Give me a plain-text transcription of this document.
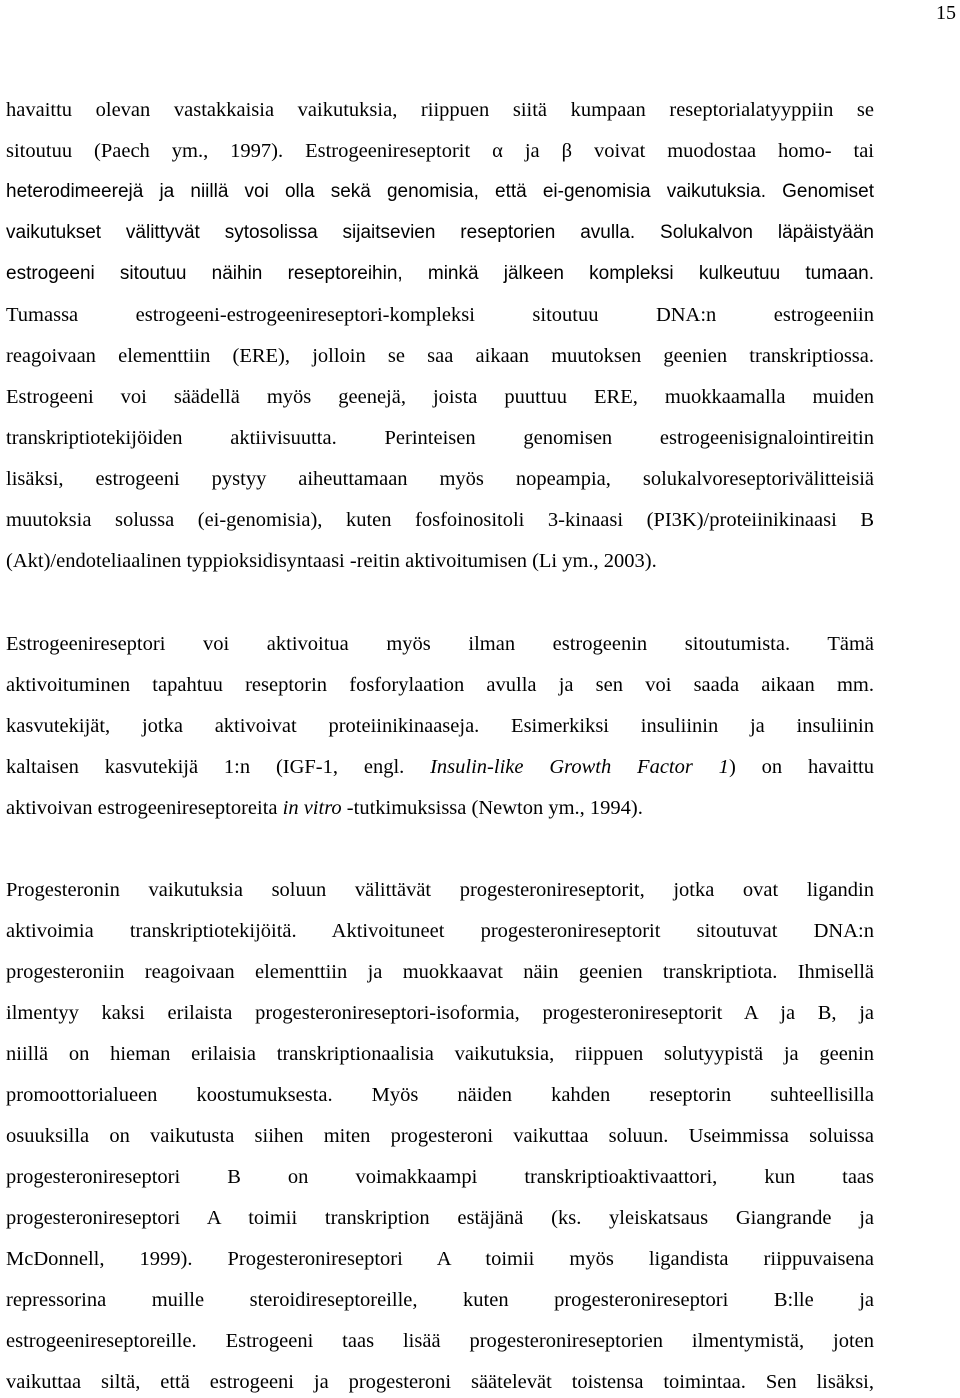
15
havaittu olevan vastakkaisia vaikutuksia, riippuen siitä kumpaan reseptorialatyyppiin se
sitoutuu (Paech ym., 1997). Estrogeenireseptorit α ja β voivat muodostaa homo- tai
heterodimeerejä ja niillä voi olla sekä genomisia, että ei-genomisia vaikutuksia. Genomiset
vaikutukset välittyvät sytosolissa sijaitsevien reseptorien avulla. Solukalvon läpäistyään
estrogeeni sitoutuu näihin reseptoreihin, minkä jälkeen kompleksi kulkeutuu tumaan.
Tumassa estrogeeni-estrogeenireseptori-kompleksi sitoutuu DNA:n estrogeeniin
reagoivaan elementtiin (ERE), jolloin se saa aikaan muutoksen geenien transkriptiossa.
Estrogeeni voi säädellä myös geenejä, joista puuttuu ERE, muokkaamalla muiden
transkriptiotekijöiden aktiivisuutta. Perinteisen genomisen estrogeenisignalointireitin
lisäksi, estrogeeni pystyy aiheuttamaan myös nopeampia, solukalvoreseptorivälitteisiä
muutoksia solussa (ei-genomisia), kuten fosfoinositoli 3-kinaasi (PI3K)/proteiinikinaasi B
(Akt)/endoteliaalinen typpioksidisyntaasi -reitin aktivoitumisen (Li ym., 2003).
Estrogeenireseptori voi aktivoitua myös ilman estrogeenin sitoutumista. Tämä
aktivoituminen tapahtuu reseptorin fosforylaation avulla ja sen voi saada aikaan mm.
kasvutekijät, jotka aktivoivat proteiinikinaaseja. Esimerkiksi insuliinin ja insuliinin
kaltaisen kasvutekijä 1:n (IGF-1, engl. Insulin-like Growth Factor 1) on havaittu
aktivoivan estrogeenireseptoreita in vitro -tutkimuksissa (Newton ym., 1994).
Progesteronin vaikutuksia soluun välittävät progesteronireseptorit, jotka ovat ligandin
aktivoimia transkriptiotekijöitä. Aktivoituneet progesteronireseptorit sitoutuvat DNA:n
progesteroniin reagoivaan elementtiin ja muokkaavat näin geenien transkriptiota. Ihmisellä
ilmentyy kaksi erilaista progesteronireseptori-isoformia, progesteronireseptorit A ja B, ja
niillä on hieman erilaisia transkriptionaalisia vaikutuksia, riippuen solutyypistä ja geenin
promoottorialueen koostumuksesta. Myös näiden kahden reseptorin suhteellisilla
osuuksilla on vaikutusta siihen miten progesteroni vaikuttaa soluun. Useimmissa soluissa
progesteronireseptori B on voimakkaampi transkriptioaktivaattori, kun taas
progesteronireseptori A toimii transkription estäjänä (ks. yleiskatsaus Giangrande ja
McDonnell, 1999). Progesteronireseptori A toimii myös ligandista riippuvaisena
repressorina muille steroidireseptoreille, kuten progesteronireseptori B:lle ja
estrogeenireseptoreille. Estrogeeni taas lisää progesteronireseptorien ilmentymistä, joten
vaikuttaa siltä, että estrogeeni ja progesteroni säätelevät toistensa toimintaa. Sen lisäksi,
